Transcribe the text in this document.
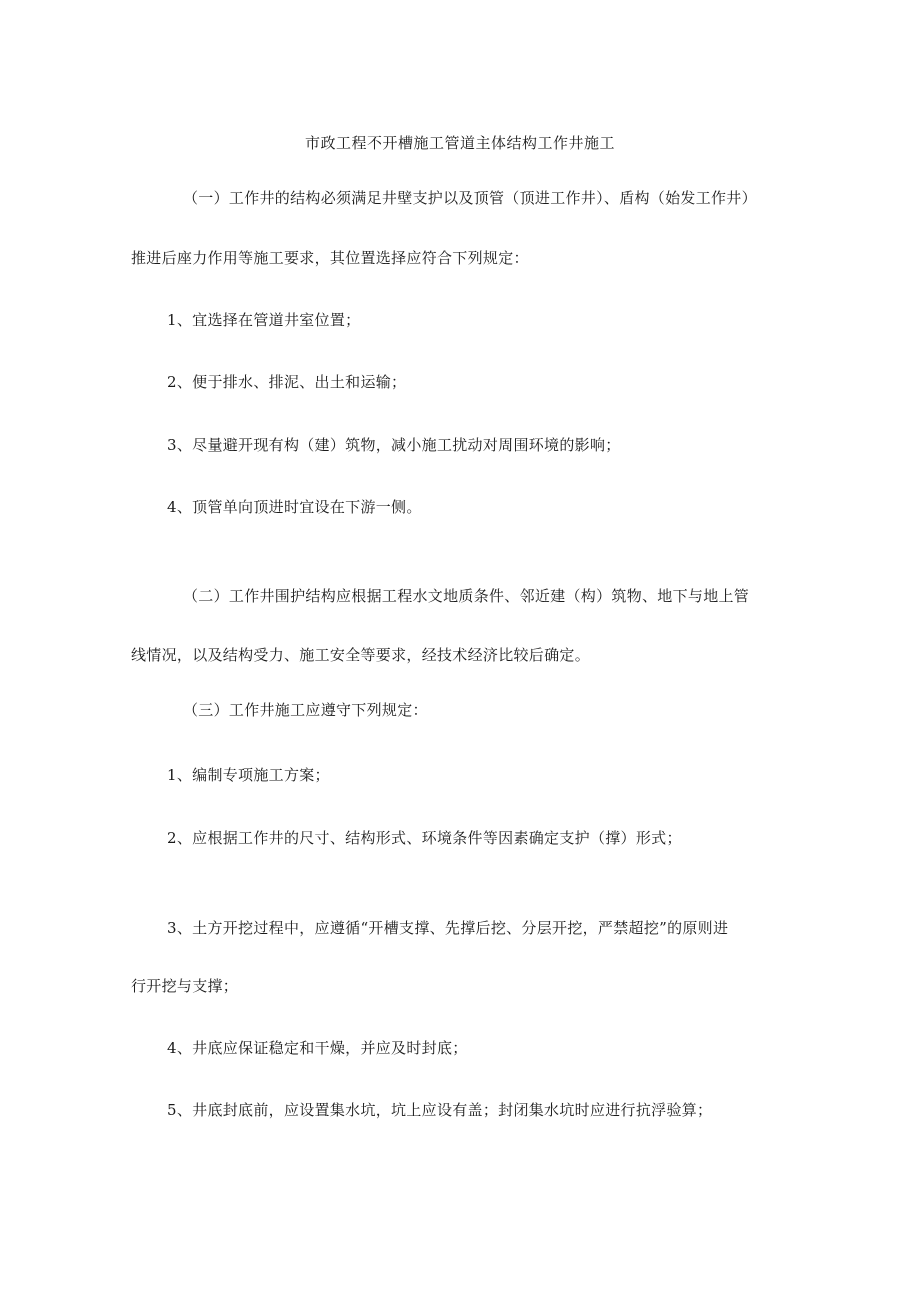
市政工程不开槽施工管道主体结构工作井施工
（一）工作井的结构必须满足井壁支护以及顶管（顶进工作井）、盾构（始发工作井）
推进后座力作用等施工要求，其位置选择应符合下列规定：
1、宜选择在管道井室位置；
2、便于排水、排泥、出土和运输；
3、尽量避开现有构（建）筑物，减小施工扰动对周围环境的影响；
4、顶管单向顶进时宜设在下游一侧。
（二）工作井围护结构应根据工程水文地质条件、邻近建（构）筑物、地下与地上管
线情况，以及结构受力、施工安全等要求，经技术经济比较后确定。
（三）工作井施工应遵守下列规定：
1、编制专项施工方案；
2、应根据工作井的尺寸、结构形式、环境条件等因素确定支护（撑）形式；
3、土方开挖过程中，应遵循“开槽支撑、先撑后挖、分层开挖，严禁超挖”的原则进
行开挖与支撑；
4、井底应保证稳定和干燥，并应及时封底；
5、井底封底前，应设置集水坑，坑上应设有盖；封闭集水坑时应进行抗浮验算；
